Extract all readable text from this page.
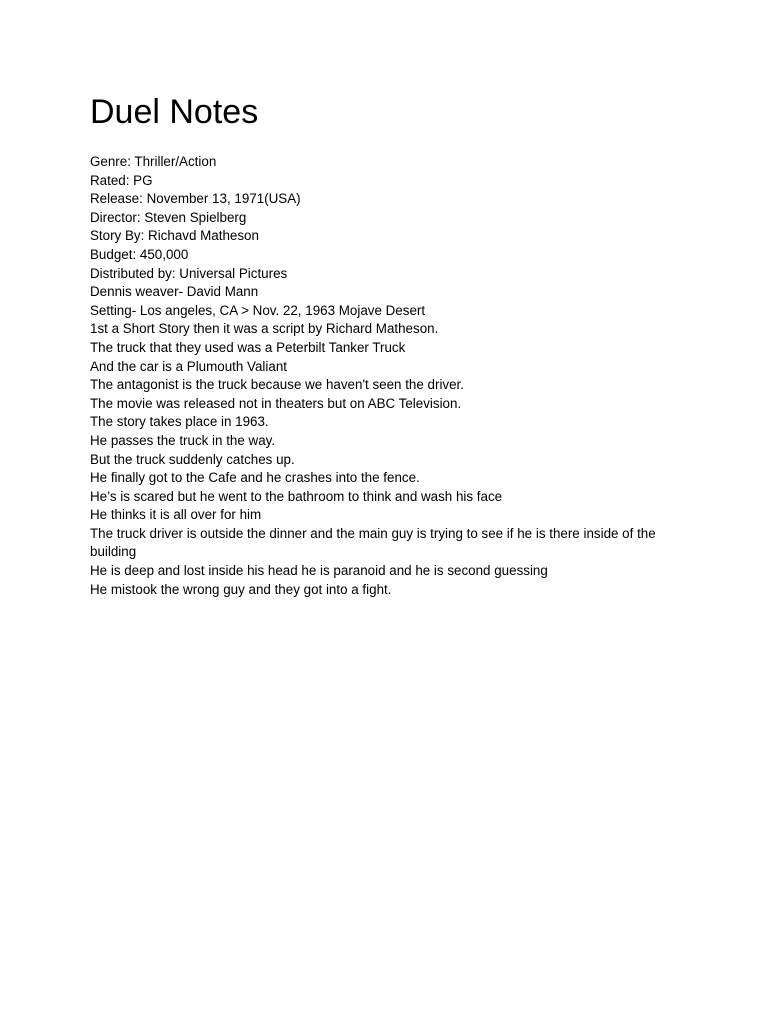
Duel Notes
Genre: Thriller/Action
Rated: PG
Release: November 13, 1971(USA)
Director: Steven Spielberg
Story By: Richavd Matheson
Budget: 450,000
Distributed by: Universal Pictures
Dennis weaver- David Mann
Setting- Los angeles, CA > Nov. 22, 1963 Mojave Desert
1st a Short Story then it was a script by Richard Matheson.
The truck that they used was a Peterbilt Tanker Truck
And the car is a Plumouth Valiant
The antagonist is the truck because we haven't seen the driver.
The movie was released not in theaters but on ABC Television.
The story takes place in 1963.
He passes the truck in the way.
But the truck suddenly catches up.
He finally got to the Cafe and he crashes into the fence.
He’s is scared but he went to the bathroom to think and wash his face
He thinks it is all over for him
The truck driver is outside the dinner and the main guy is trying to see if he is there inside of the
building
He is deep and lost inside his head he is paranoid and he is second guessing
He mistook the wrong guy and they got into a fight.
